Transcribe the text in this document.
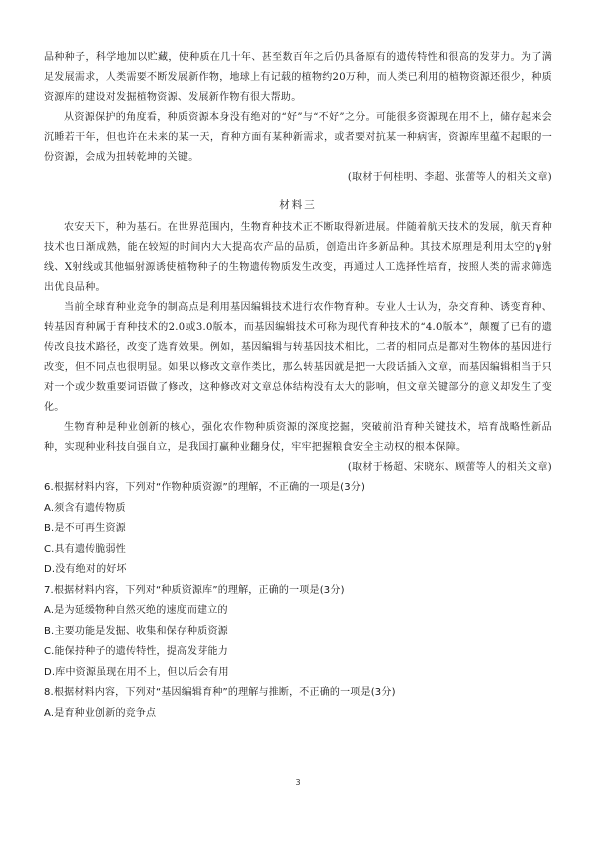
品种种子，科学地加以贮藏，使种质在几十年、甚至数百年之后仍具备原有的遗传特性和很高的发芽力。为了满足发展需求，人类需要不断发展新作物，地球上有记载的植物约20万种，而人类已利用的植物资源还很少，种质资源库的建设对发掘植物资源、发展新作物有很大帮助。

从资源保护的角度看，种质资源本身没有绝对的“好”与“不好”之分。可能很多资源现在用不上，储存起来会沉睡若干年，但也许在未来的某一天，育种方面有某种新需求，或者要对抗某一种病害，资源库里蕴不起眼的一份资源，会成为扭转乾坤的关键。

(取材于何桂明、李超、张蕾等人的相关文章)

材料三

农安天下，种为基石。在世界范围内，生物育种技术正不断取得新进展。伴随着航天技术的发展，航天育种技术也日渐成熟，能在较短的时间内大大提高农产品的品质，创造出许多新品种。其技术原理是利用太空的γ射线、X射线或其他辐射源诱使植物种子的生物遗传物质发生改变，再通过人工选择性培育，按照人类的需求筛选出优良品种。

当前全球育种业竞争的制高点是利用基因编辑技术进行农作物育种。专业人士认为，杂交育种、诱变育种、转基因育种属于育种技术的2.0或3.0版本，而基因编辑技术可称为现代育种技术的“4.0版本”，颠覆了已有的遗传改良技术路径，改变了选育效果。例如，基因编辑与转基因技术相比，二者的相同点是都对生物体的基因进行改变，但不同点也很明显。如果以修改文章作类比，那么转基因就是把一大段话插入文章，而基因编辑相当于只对一个或少数重要词语做了修改，这种修改对文章总体结构没有太大的影响，但文章关键部分的意义却发生了变化。

生物育种是种业创新的核心，强化农作物种质资源的深度挖掘，突破前沿育种关键技术，培育战略性新品种，实现种业科技自强自立，是我国打赢种业翻身仗，牢牢把握粮食安全主动权的根本保障。

(取材于杨超、宋晓东、顾蕾等人的相关文章)

6.根据材料内容，下列对“作物种质资源”的理解，不正确的一项是(3分)

A.须含有遗传物质

B.是不可再生资源

C.具有遗传脆弱性

D.没有绝对的好坏

7.根据材料内容，下列对“种质资源库”的理解，正确的一项是(3分)

A.是为延缓物种自然灭绝的速度而建立的

B.主要功能是发掘、收集和保存种质资源

C.能保持种子的遗传特性，提高发芽能力

D.库中资源虽现在用不上，但以后会有用

8.根据材料内容，下列对“基因编辑育种”的理解与推断，不正确的一项是(3分)

A.是育种业创新的竞争点

3
